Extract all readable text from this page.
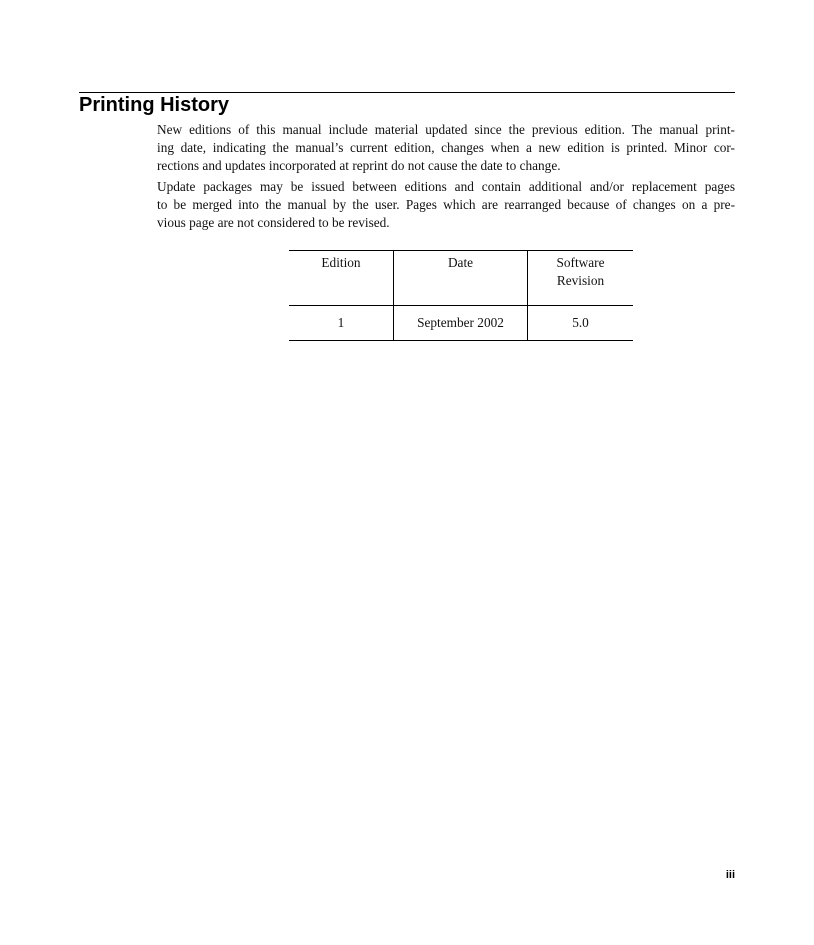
Printing History
New editions of this manual include material updated since the previous edition. The manual print-
ing date, indicating the manual’s current edition, changes when a new edition is printed. Minor cor-
rections and updates incorporated at reprint do not cause the date to change.
Update packages may be issued between editions and contain additional and/or replacement pages
to be merged into the manual by the user. Pages which are rearranged because of changes on a pre-
vious page are not considered to be revised.
Edition	Date	Software
Revision
1	September 2002	5.0
iii
